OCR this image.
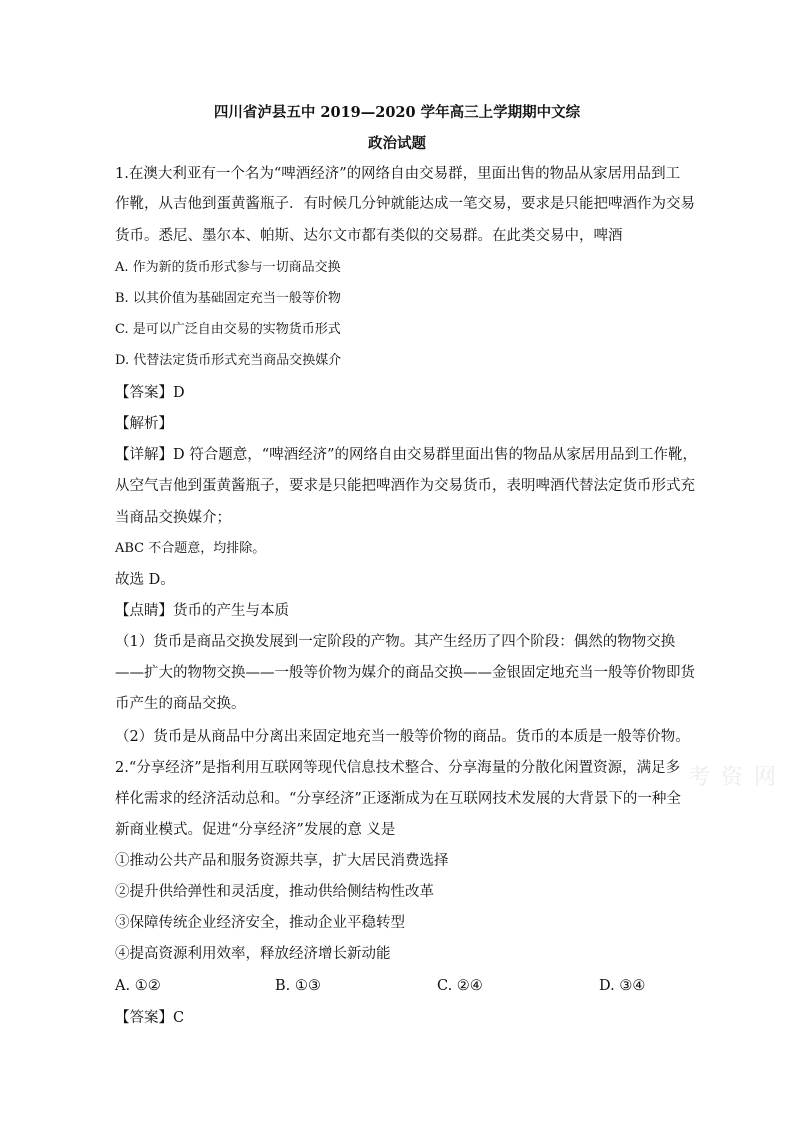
考 资 网
四川省泸县五中 2019—2020 学年高三上学期期中文综
政治试题
1.在澳大利亚有一个名为“啤酒经济”的网络自由交易群，里面出售的物品从家居用品到工
作靴，从吉他到蛋黄酱瓶子．有时候几分钟就能达成一笔交易，要求是只能把啤酒作为交易
货币。悉尼、墨尔本、帕斯、达尔文市都有类似的交易群。在此类交易中，啤酒
A. 作为新的货币形式参与一切商品交换
B. 以其价值为基础固定充当一般等价物
C. 是可以广泛自由交易的实物货币形式
D. 代替法定货币形式充当商品交换媒介
【答案】D
【解析】
【详解】D 符合题意，“啤酒经济”的网络自由交易群里面出售的物品从家居用品到工作靴，
从空气吉他到蛋黄酱瓶子，要求是只能把啤酒作为交易货币，表明啤酒代替法定货币形式充
当商品交换媒介；
ABC 不合题意，均排除。
故选 D。
【点睛】货币的产生与本质
（1）货币是商品交换发展到一定阶段的产物。其产生经历了四个阶段：偶然的物物交换
——扩大的物物交换——一般等价物为媒介的商品交换——金银固定地充当一般等价物即货
币产生的商品交换。
（2）货币是从商品中分离出来固定地充当一般等价物的商品。货币的本质是一般等价物。
2.“分享经济”是指利用互联网等现代信息技术整合、分享海量的分散化闲置资源，满足多
样化需求的经济活动总和。“分享经济”正逐渐成为在互联网技术发展的大背景下的一种全
新商业模式。促进“分享经济”发展的意 义是
①推动公共产品和服务资源共享，扩大居民消费选择
②提升供给弹性和灵活度，推动供给侧结构性改革
③保障传统企业经济安全，推动企业平稳转型
④提高资源利用效率，释放经济增长新动能
A. ①②	B. ①③	C. ②④	D. ③④
【答案】C
